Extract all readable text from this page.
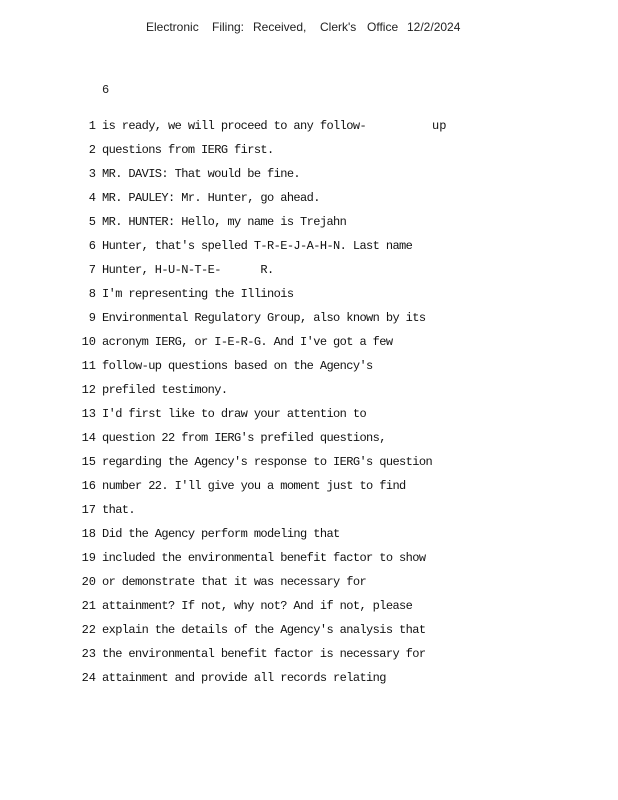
Electronic Filing: Received, Clerk's Office 12/2/2024
6
1 is ready, we will proceed to any follow-	up
2 questions from IERG first.
3 MR. DAVIS: That would be fine.
4 MR. PAULEY: Mr. Hunter, go ahead.
5 MR. HUNTER: Hello, my name is Trejahn
6 Hunter, that's spelled T-R-E-J-A-H-N. Last name
7 Hunter, H-U-N-T-E-      R.
8 I'm representing the Illinois
9 Environmental Regulatory Group, also known by its
10 acronym IERG, or I-E-R-G. And I've got a few
11 follow-up questions based on the Agency's
12 prefiled testimony.
13 I'd first like to draw your attention to
14 question 22 from IERG's prefiled questions,
15 regarding the Agency's response to IERG's question
16 number 22. I'll give you a moment just to find
17 that.
18 Did the Agency perform modeling that
19 included the environmental benefit factor to show
20 or demonstrate that it was necessary for
21 attainment? If not, why not? And if not, please
22 explain the details of the Agency's analysis that
23 the environmental benefit factor is necessary for
24 attainment and provide all records relating
